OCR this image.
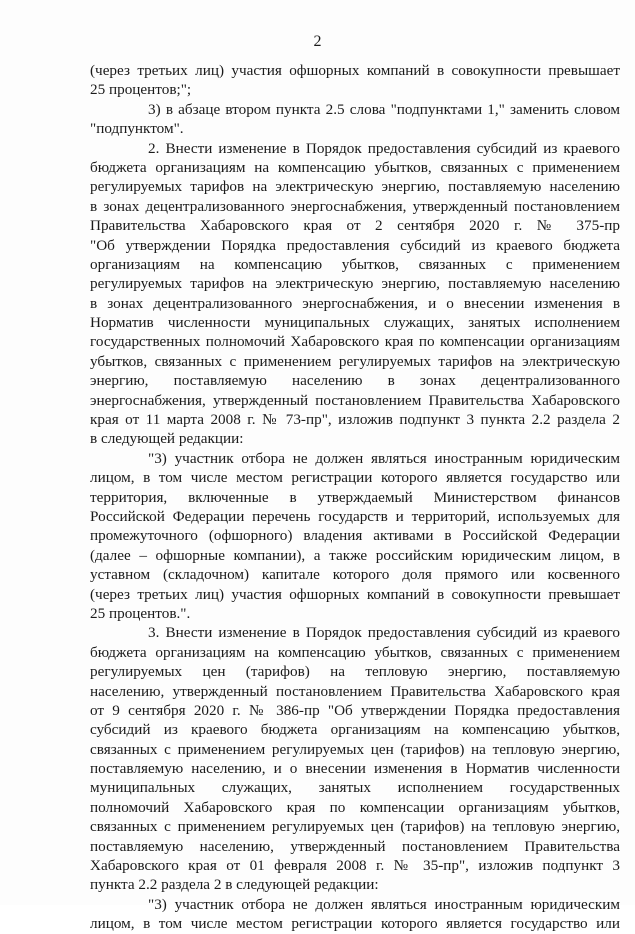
2
(через третьих лиц) участия офшорных компаний в совокупности превышает
25 процентов;";
3) в абзаце втором пункта 2.5 слова "подпунктами 1," заменить словом
"подпунктом".
2. Внести изменение в Порядок предоставления субсидий из краевого
бюджета организациям на компенсацию убытков, связанных с применением
регулируемых тарифов на электрическую энергию, поставляемую населению
в зонах децентрализованного энергоснабжения, утвержденный постановлением
Правительства Хабаровского края от 2 сентября 2020 г. № 375-пр
"Об утверждении Порядка предоставления субсидий из краевого бюджета
организациям на компенсацию убытков, связанных с применением
регулируемых тарифов на электрическую энергию, поставляемую населению
в зонах децентрализованного энергоснабжения, и о внесении изменения в
Норматив численности муниципальных служащих, занятых исполнением
государственных полномочий Хабаровского края по компенсации организациям
убытков, связанных с применением регулируемых тарифов на электрическую
энергию, поставляемую населению в зонах децентрализованного
энергоснабжения, утвержденный постановлением Правительства Хабаровского
края от 11 марта 2008 г. № 73-пр", изложив подпункт 3 пункта 2.2 раздела 2
в следующей редакции:
"3) участник отбора не должен являться иностранным юридическим
лицом, в том числе местом регистрации которого является государство или
территория, включенные в утверждаемый Министерством финансов
Российской Федерации перечень государств и территорий, используемых для
промежуточного (офшорного) владения активами в Российской Федерации
(далее – офшорные компании), а также российским юридическим лицом, в
уставном (складочном) капитале которого доля прямого или косвенного
(через третьих лиц) участия офшорных компаний в совокупности превышает
25 процентов.".
3. Внести изменение в Порядок предоставления субсидий из краевого
бюджета организациям на компенсацию убытков, связанных с применением
регулируемых цен (тарифов) на тепловую энергию, поставляемую
населению, утвержденный постановлением Правительства Хабаровского края
от 9 сентября 2020 г. № 386-пр "Об утверждении Порядка предоставления
субсидий из краевого бюджета организациям на компенсацию убытков,
связанных с применением регулируемых цен (тарифов) на тепловую энергию,
поставляемую населению, и о внесении изменения в Норматив численности
муниципальных служащих, занятых исполнением государственных
полномочий Хабаровского края по компенсации организациям убытков,
связанных с применением регулируемых цен (тарифов) на тепловую энергию,
поставляемую населению, утвержденный постановлением Правительства
Хабаровского края от 01 февраля 2008 г. № 35-пр", изложив подпункт 3
пункта 2.2 раздела 2 в следующей редакции:
"3) участник отбора не должен являться иностранным юридическим
лицом, в том числе местом регистрации которого является государство или
